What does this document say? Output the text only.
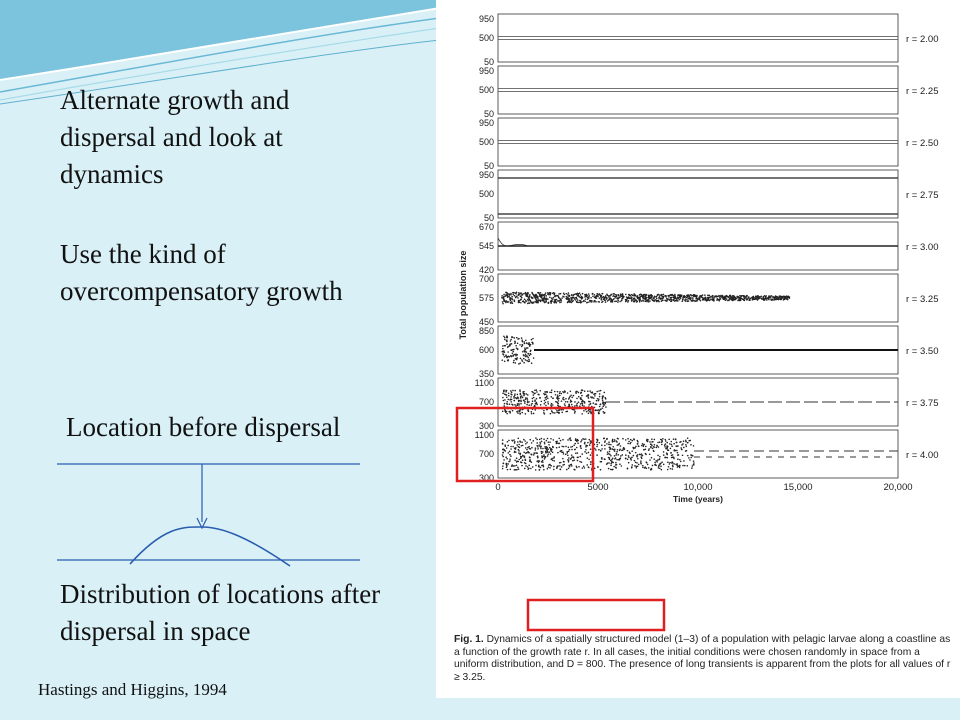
Alternate growth and dispersal and look at dynamics
Use the kind of overcompensatory growth
Location before dispersal
Distribution of locations after dispersal in space
Hastings and Higgins, 1994
950
500
50
r = 2.00
950
500
50
r = 2.25
950
500
50
r = 2.50
950
500
50
r = 2.75
670
545
420
r = 3.00
700
575
450
r = 3.25
850
600
350
r = 3.50
1100
700
300
r = 3.75
1100
700
300
r = 4.00
0	5000	10,000	15,000	20,000
Time (years)
Total population size
Fig. 1. Dynamics of a spatially structured model (1–3) of a population with pelagic larvae along a coastline as a function of the growth rate r. In all cases, the initial conditions were chosen randomly in space from a uniform distribution, and D = 800. The presence of long transients is apparent from the plots for all values of r ≥ 3.25.
